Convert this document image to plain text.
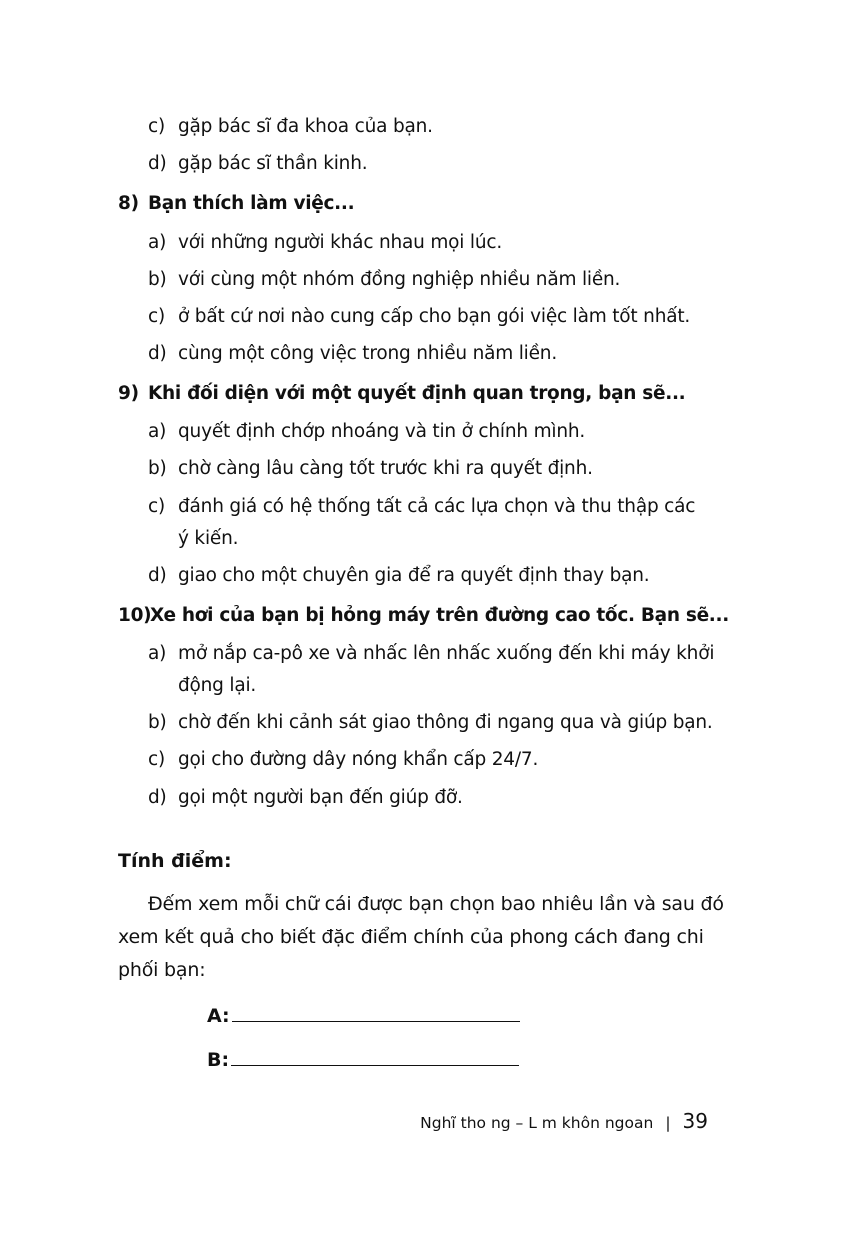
c) gặp bác sĩ đa khoa của bạn.
d) gặp bác sĩ thần kinh.
8) Bạn thích làm việc...
a) với những người khác nhau mọi lúc.
b) với cùng một nhóm đồng nghiệp nhiều năm liền.
c) ở bất cứ nơi nào cung cấp cho bạn gói việc làm tốt nhất.
d) cùng một công việc trong nhiều năm liền.
9) Khi đối diện với một quyết định quan trọng, bạn sẽ...
a) quyết định chớp nhoáng và tin ở chính mình.
b) chờ càng lâu càng tốt trước khi ra quyết định.
c) đánh giá có hệ thống tất cả các lựa chọn và thu thập các
ý kiến.
d) giao cho một chuyên gia để ra quyết định thay bạn.
10)Xe hơi của bạn bị hỏng máy trên đường cao tốc. Bạn sẽ...
a) mở nắp ca-pô xe và nhấc lên nhấc xuống đến khi máy khởi
động lại.
b) chờ đến khi cảnh sát giao thông đi ngang qua và giúp bạn.
c) gọi cho đường dây nóng khẩn cấp 24/7.
d) gọi một người bạn đến giúp đỡ.
Tính điểm:
Đếm xem mỗi chữ cái được bạn chọn bao nhiêu lần và sau đó
xem kết quả cho biết đặc điểm chính của phong cách đang chi
phối bạn:
A:
B:
Nghĩ tho ng – L m khôn ngoan | 39
